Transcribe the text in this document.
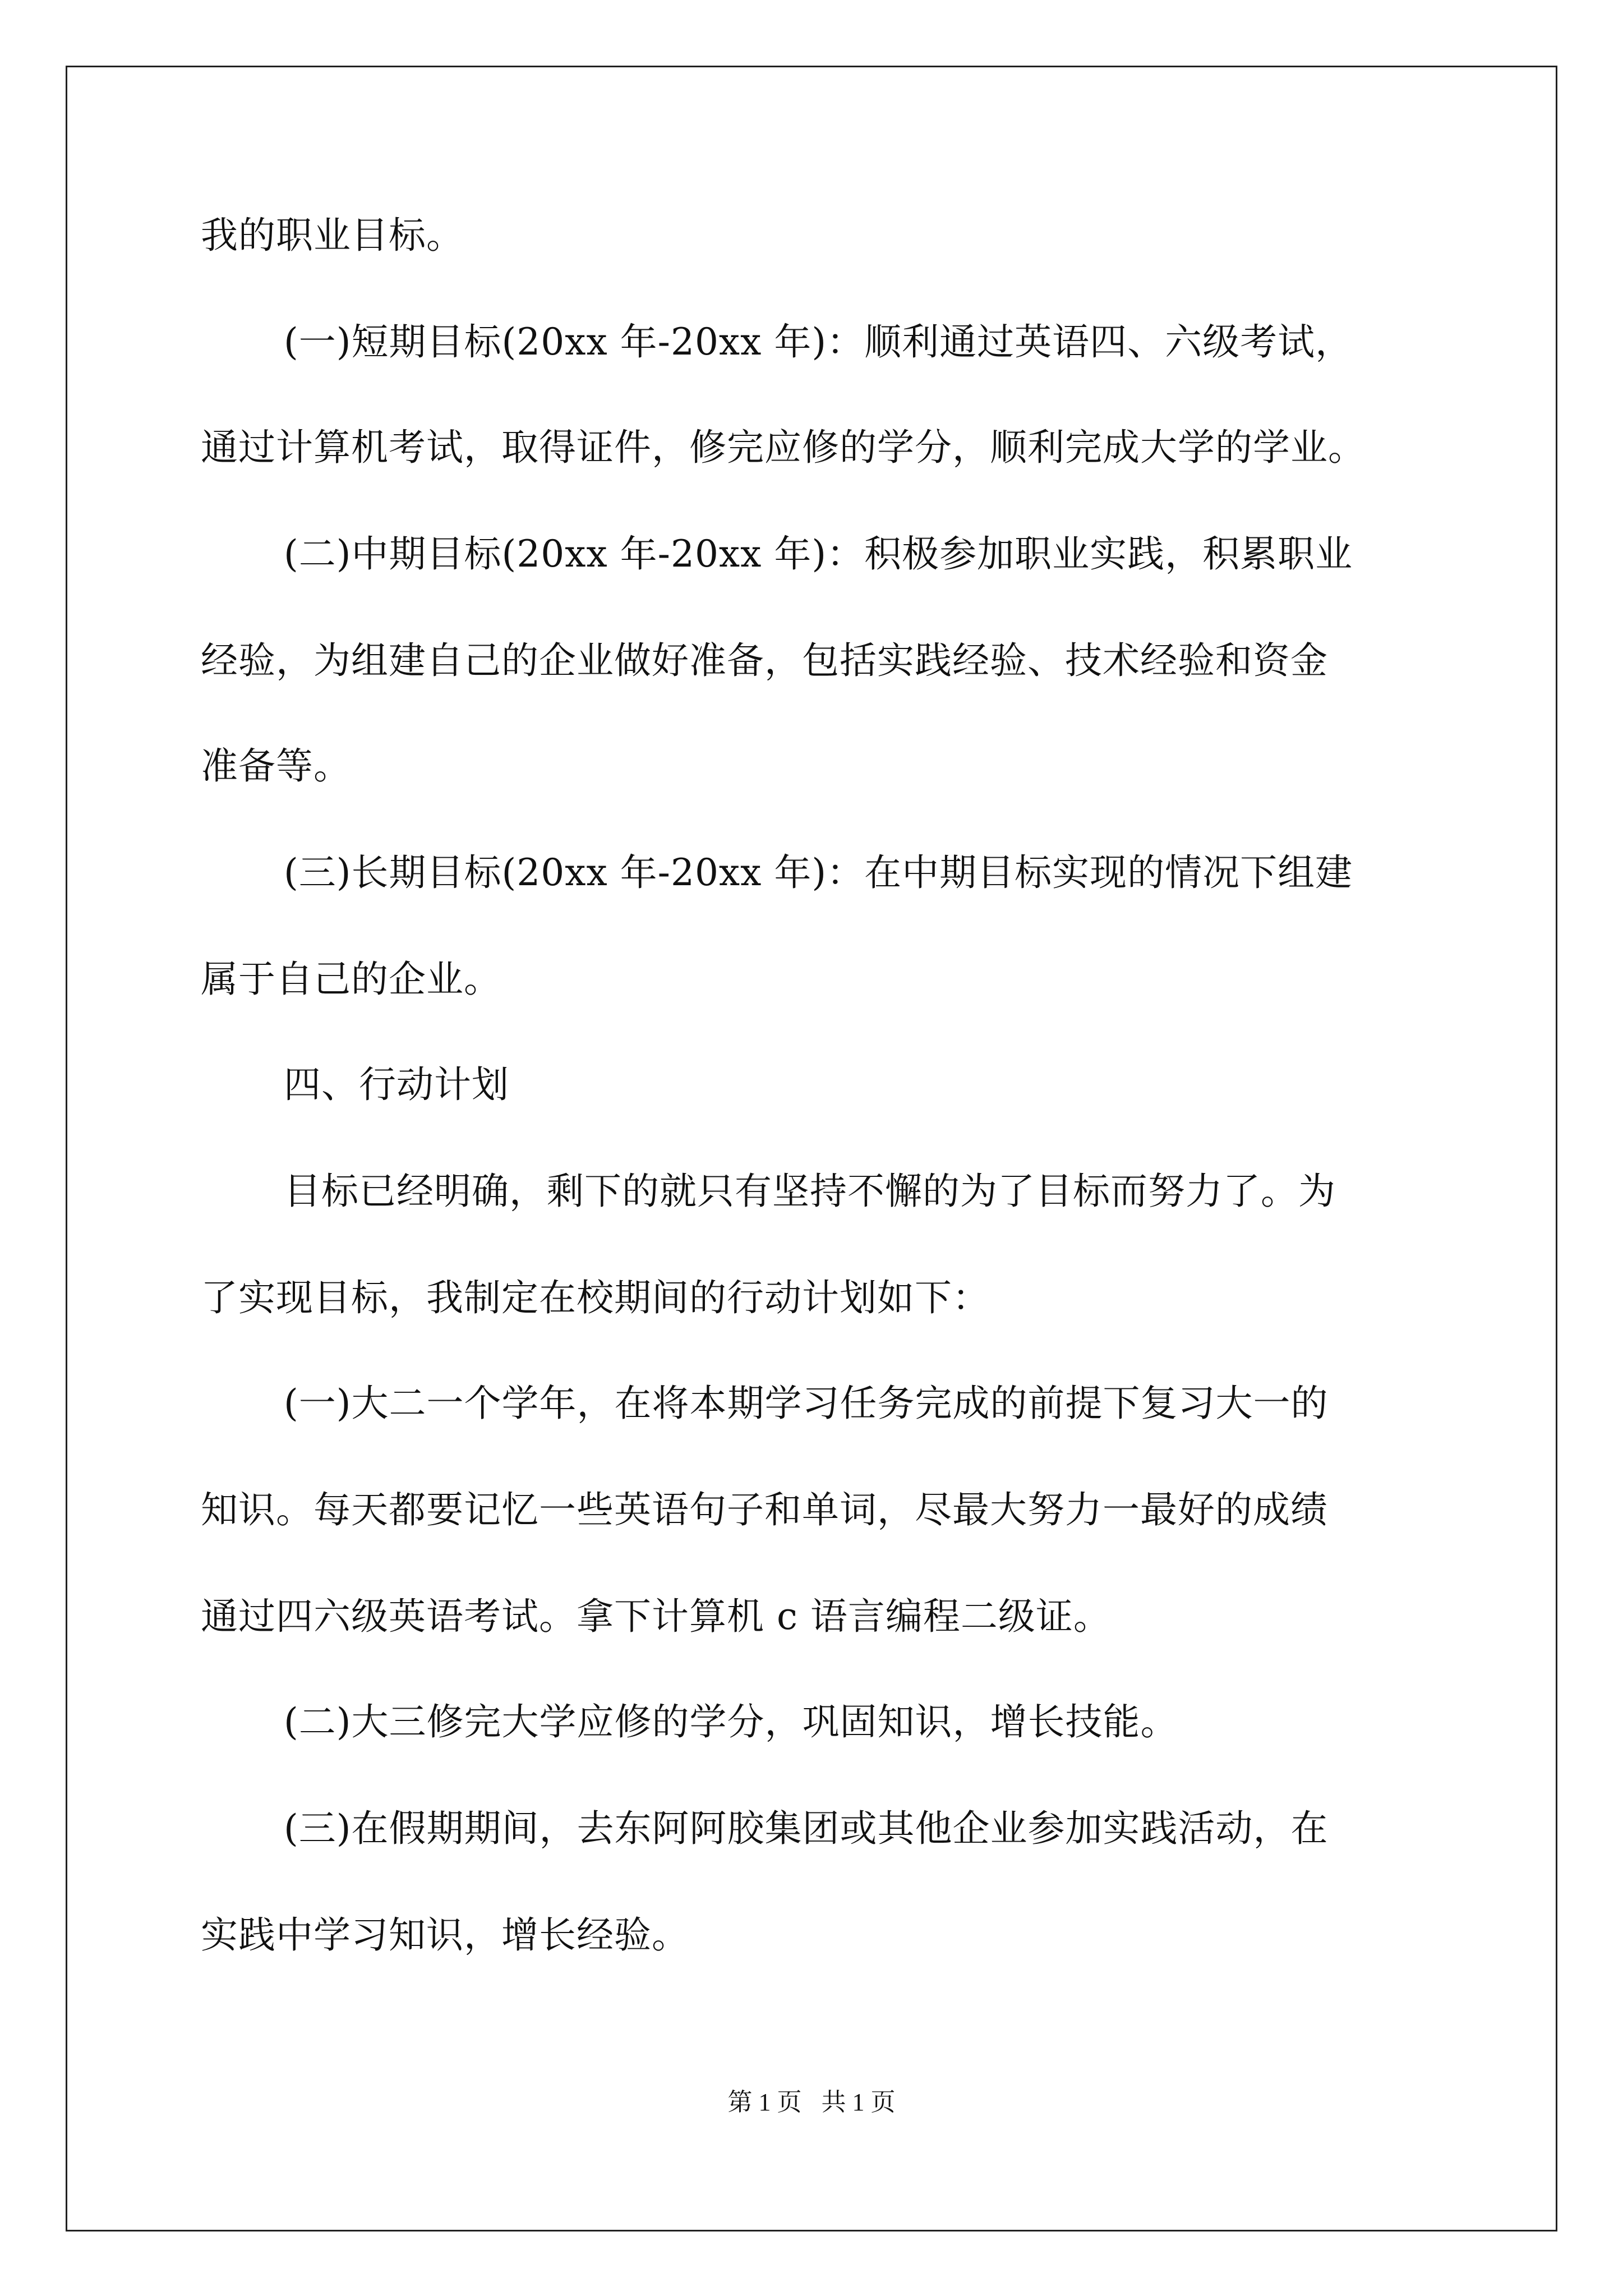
我的职业目标。
(一)短期目标(20xx 年-20xx 年)：顺利通过英语四、六级考试，
通过计算机考试，取得证件，修完应修的学分，顺利完成大学的学业。
(二)中期目标(20xx 年-20xx 年)：积极参加职业实践，积累职业
经验，为组建自己的企业做好准备，包括实践经验、技术经验和资金
准备等。
(三)长期目标(20xx 年-20xx 年)：在中期目标实现的情况下组建
属于自己的企业。
四、行动计划
目标已经明确，剩下的就只有坚持不懈的为了目标而努力了。为
了实现目标，我制定在校期间的行动计划如下：
(一)大二一个学年，在将本期学习任务完成的前提下复习大一的
知识。每天都要记忆一些英语句子和单词，尽最大努力一最好的成绩
通过四六级英语考试。拿下计算机 c 语言编程二级证。
(二)大三修完大学应修的学分，巩固知识，增长技能。
(三)在假期期间，去东阿阿胶集团或其他企业参加实践活动，在
实践中学习知识，增长经验。
第 1 页 共 1 页
